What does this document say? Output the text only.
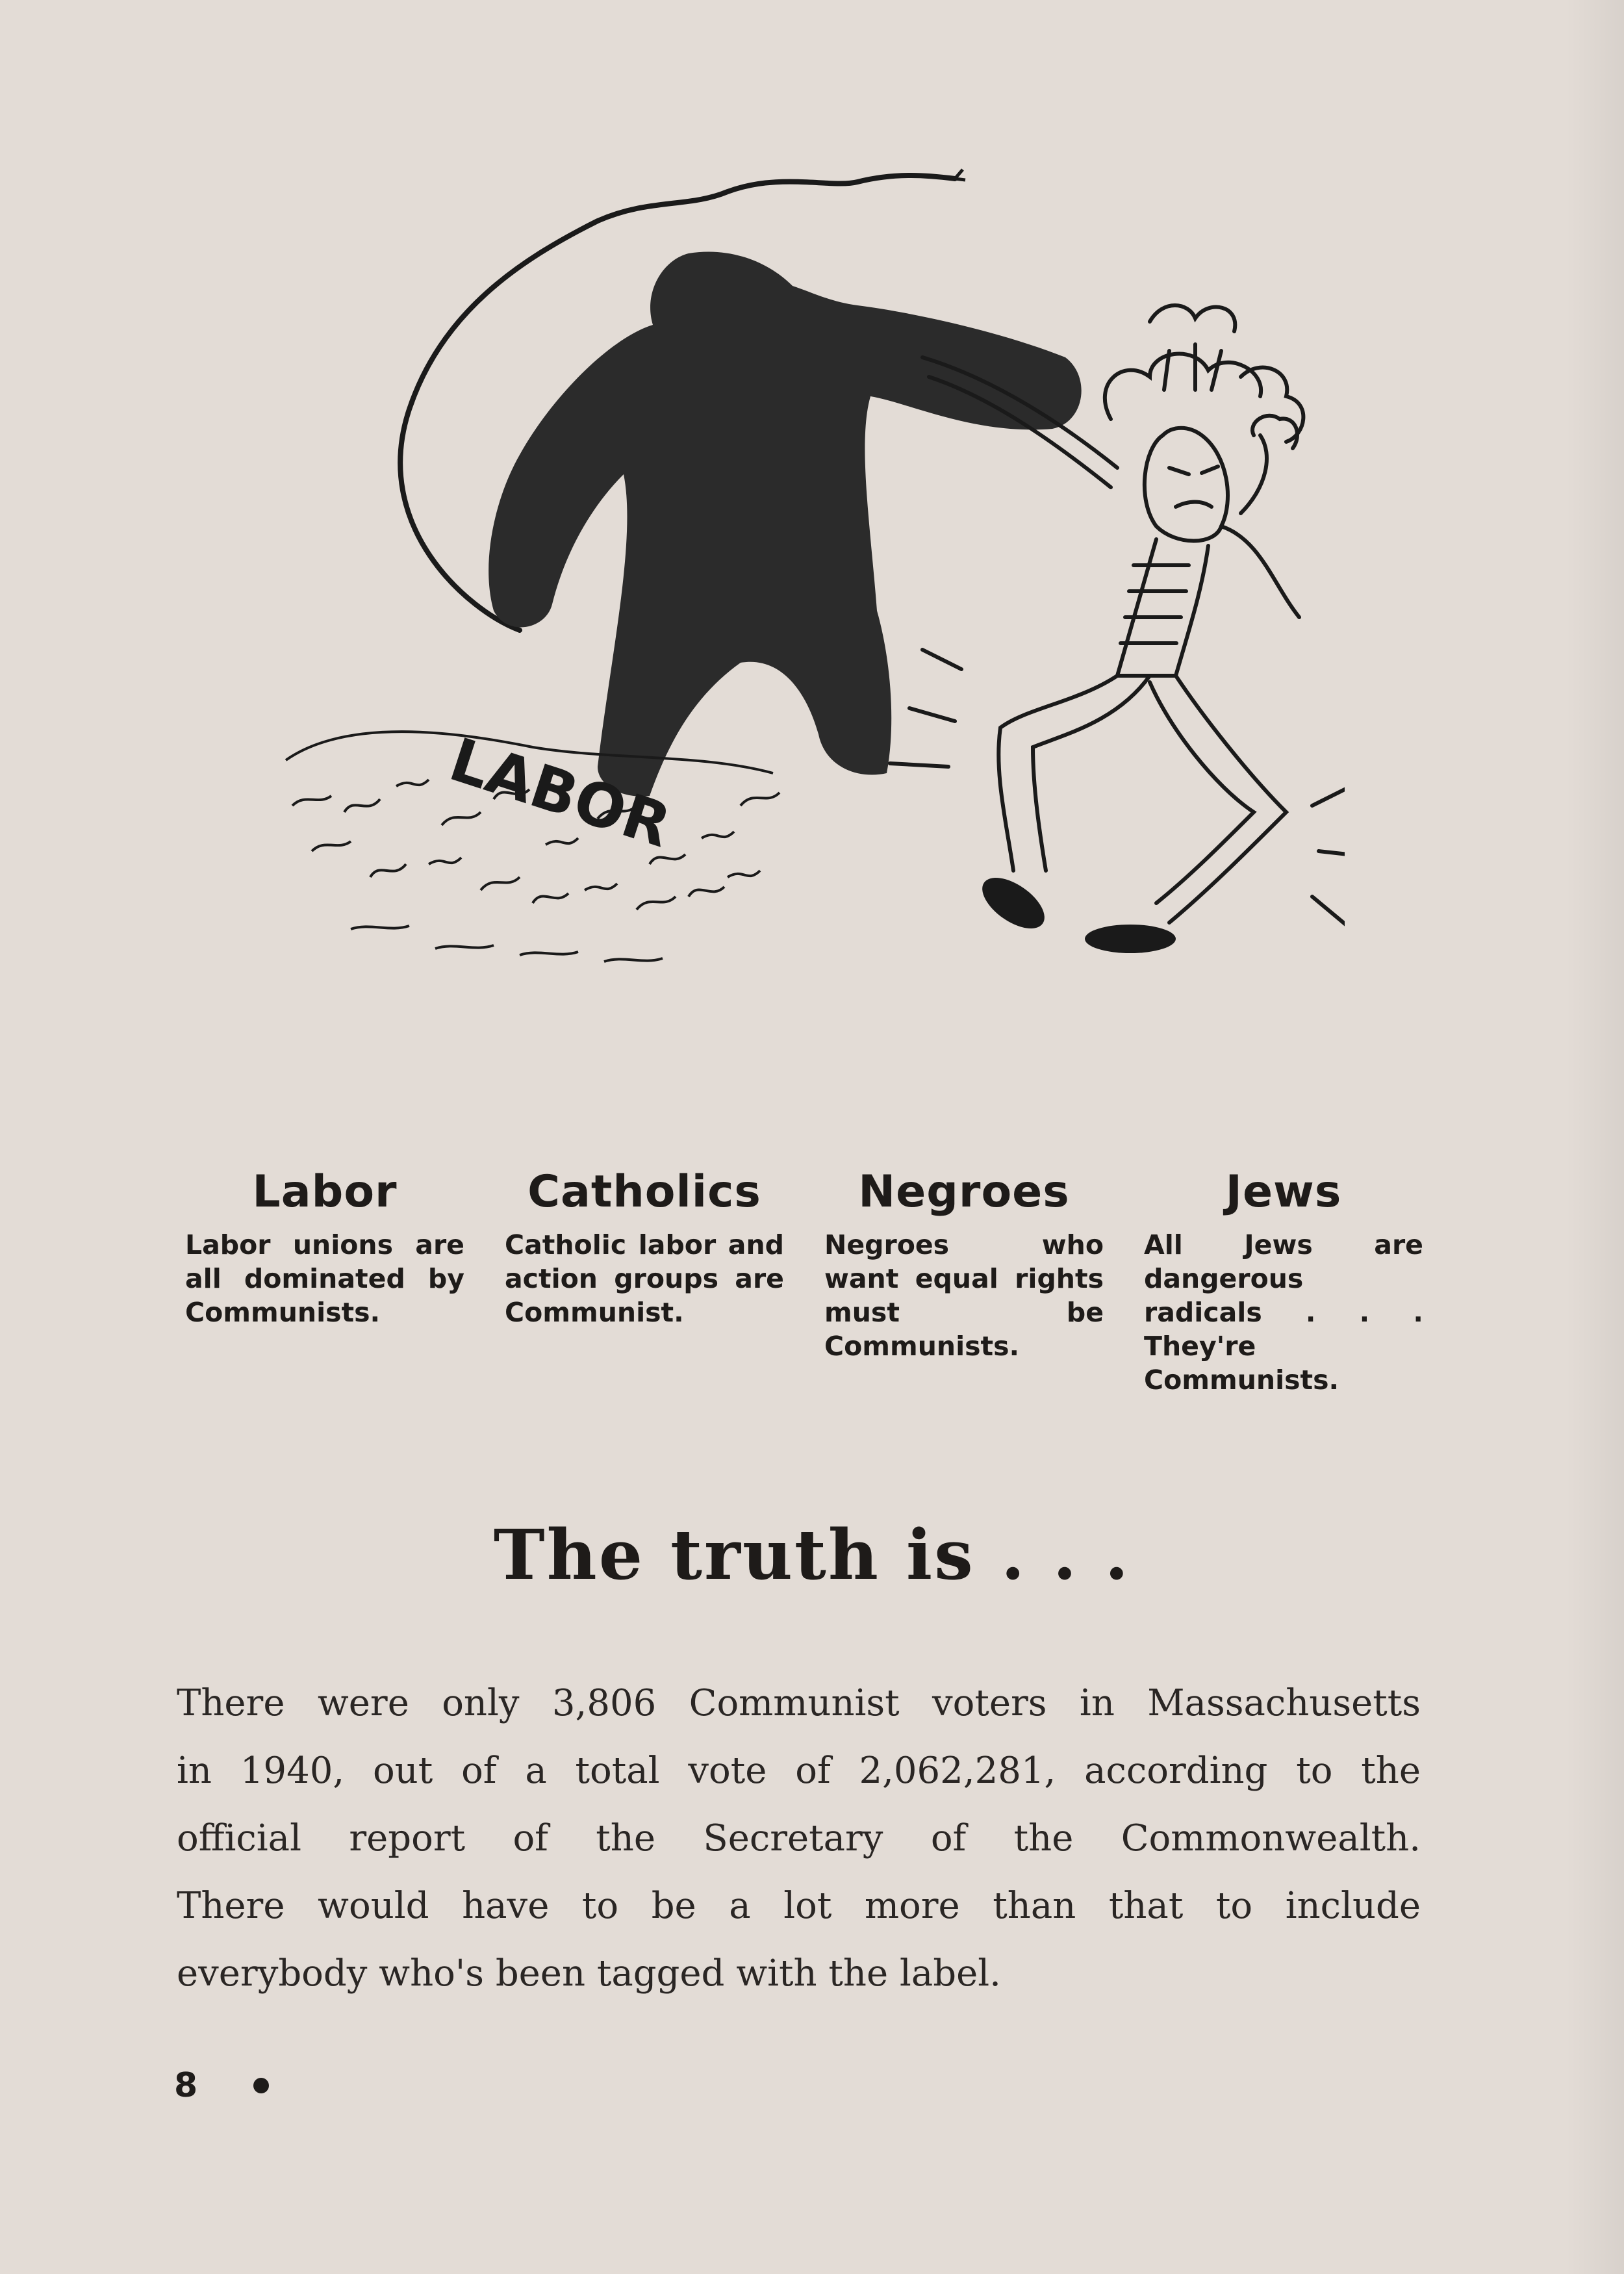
LABOR
Labor
Labor unions are all dominated by Communists.
Catholics
Catholic labor and action groups are Communist.
Negroes
Negroes who want equal rights must be Communists.
Jews
All Jews are dangerous radicals . . . They're Communists.
The truth is . . .
There were only 3,806 Communist voters in Massachusetts
in 1940, out of a total vote of 2,062,281, according to the
official report of the Secretary of the Commonwealth.
There would have to be a lot more than that to include
everybody who's been tagged with the label.
8
